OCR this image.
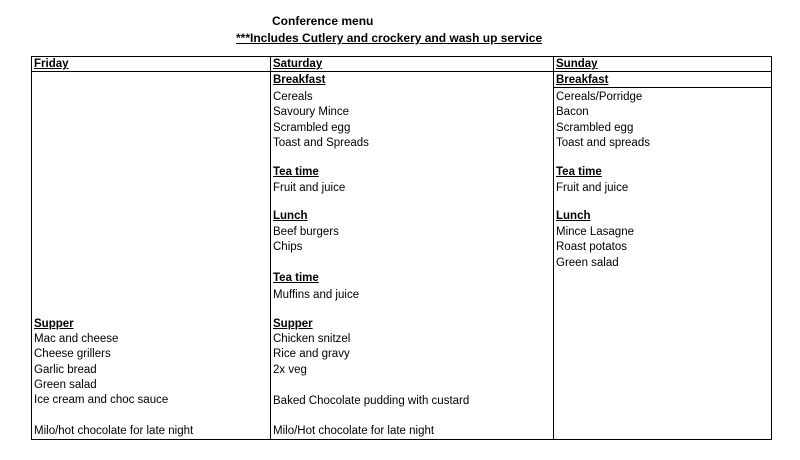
Conference menu
***Includes Cutlery and crockery and wash up service
Friday
Supper
Mac and cheese
Cheese grillers
Garlic bread
Green salad
Ice cream and choc sauce
Milo/hot chocolate for late night
Saturday
Breakfast
Cereals
Savoury Mince
Scrambled egg
Toast and Spreads
Tea time
Fruit and juice
Lunch
Beef burgers
Chips
Tea time
Muffins and juice
Supper
Chicken snitzel
Rice and gravy
2x veg
Baked Chocolate pudding with custard
Milo/Hot chocolate for late night
Sunday
Breakfast
Cereals/Porridge
Bacon
Scrambled egg
Toast and spreads
Tea time
Fruit and juice
Lunch
Mince Lasagne
Roast potatos
Green salad
